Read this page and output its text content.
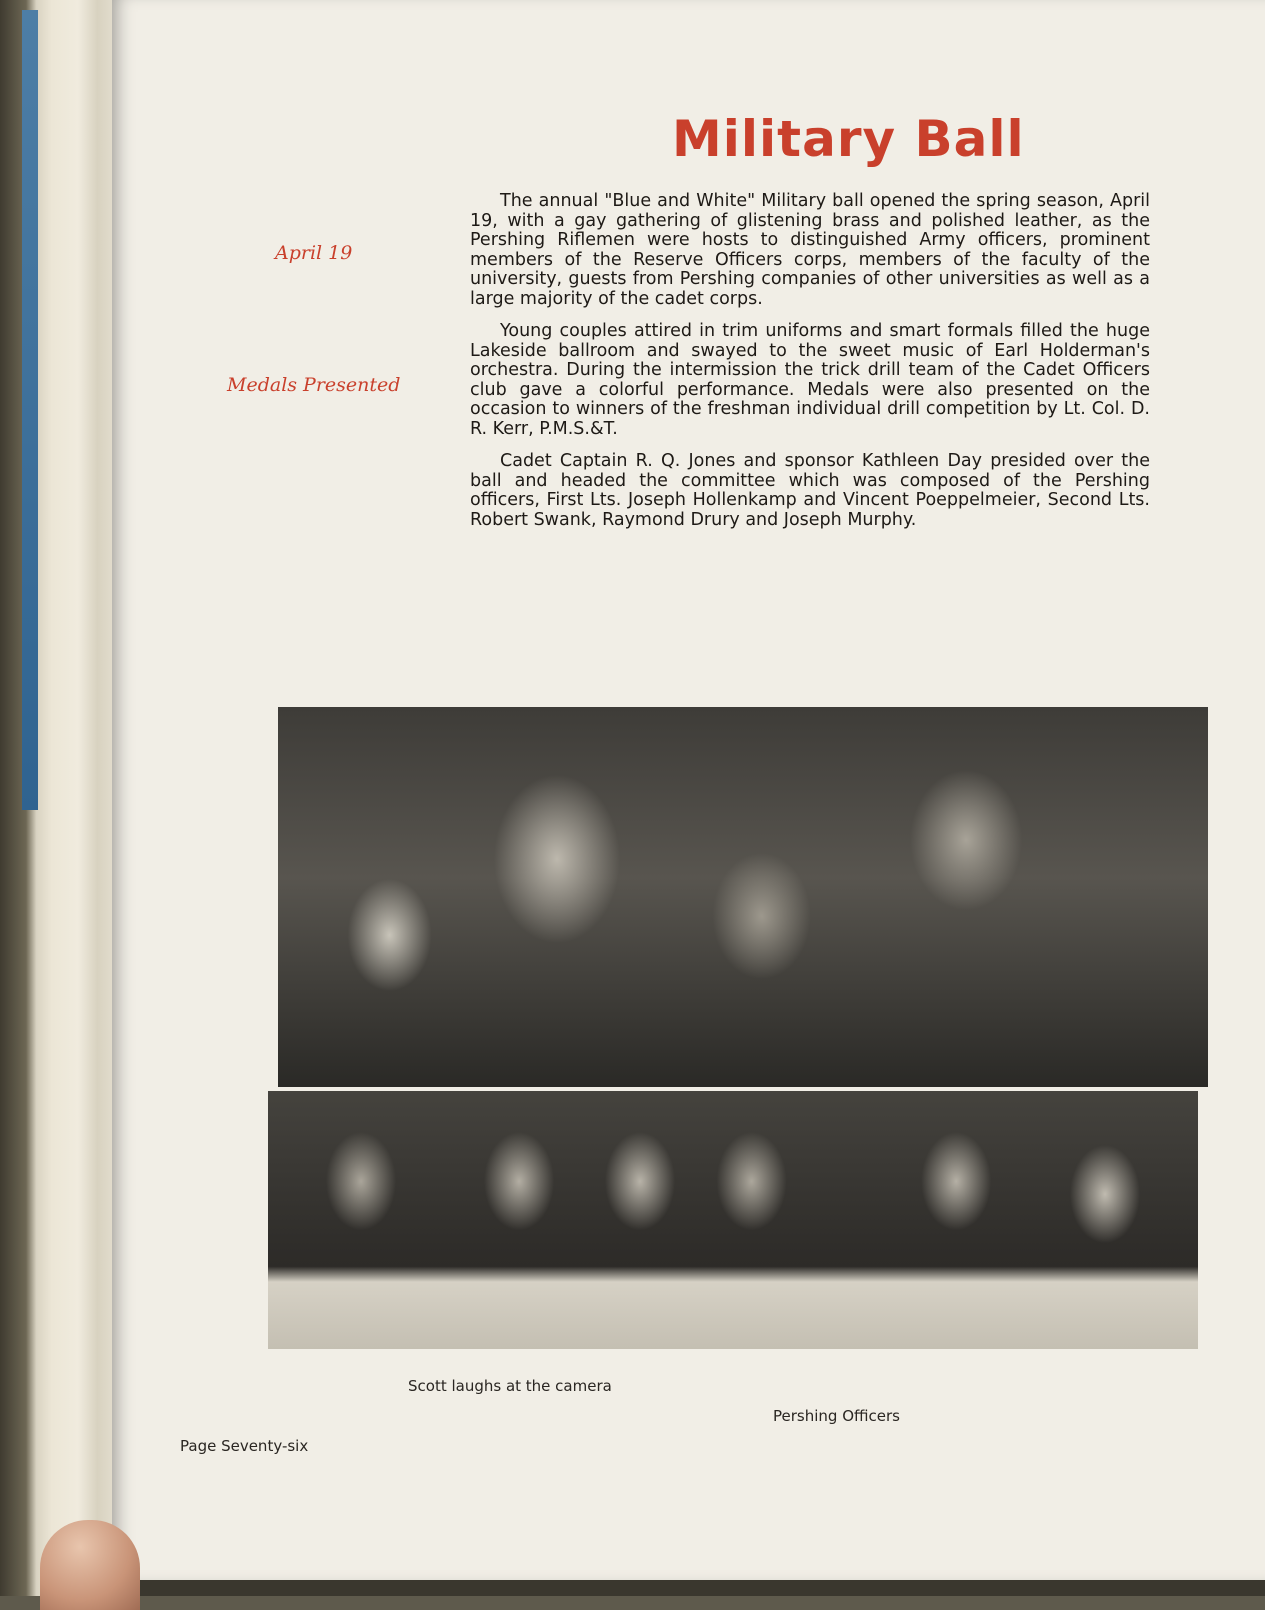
Military Ball

April 19

Medals Presented

The annual "Blue and White" Military ball opened the spring season, April 19, with a gay gathering of glistening brass and polished leather, as the Pershing Riflemen were hosts to distinguished Army officers, prominent members of the Reserve Officers corps, members of the faculty of the university, guests from Pershing companies of other universities as well as a large majority of the cadet corps.

Young couples attired in trim uniforms and smart formals filled the huge Lakeside ballroom and swayed to the sweet music of Earl Holderman's orchestra. During the intermission the trick drill team of the Cadet Officers club gave a colorful performance. Medals were also presented on the occasion to winners of the freshman individual drill competition by Lt. Col. D. R. Kerr, P.M.S.&T.

Cadet Captain R. Q. Jones and sponsor Kathleen Day presided over the ball and headed the committee which was composed of the Pershing officers, First Lts. Joseph Hollenkamp and Vincent Poeppelmeier, Second Lts. Robert Swank, Raymond Drury and Joseph Murphy.

Scott laughs at the camera

Pershing Officers

Page Seventy-six
